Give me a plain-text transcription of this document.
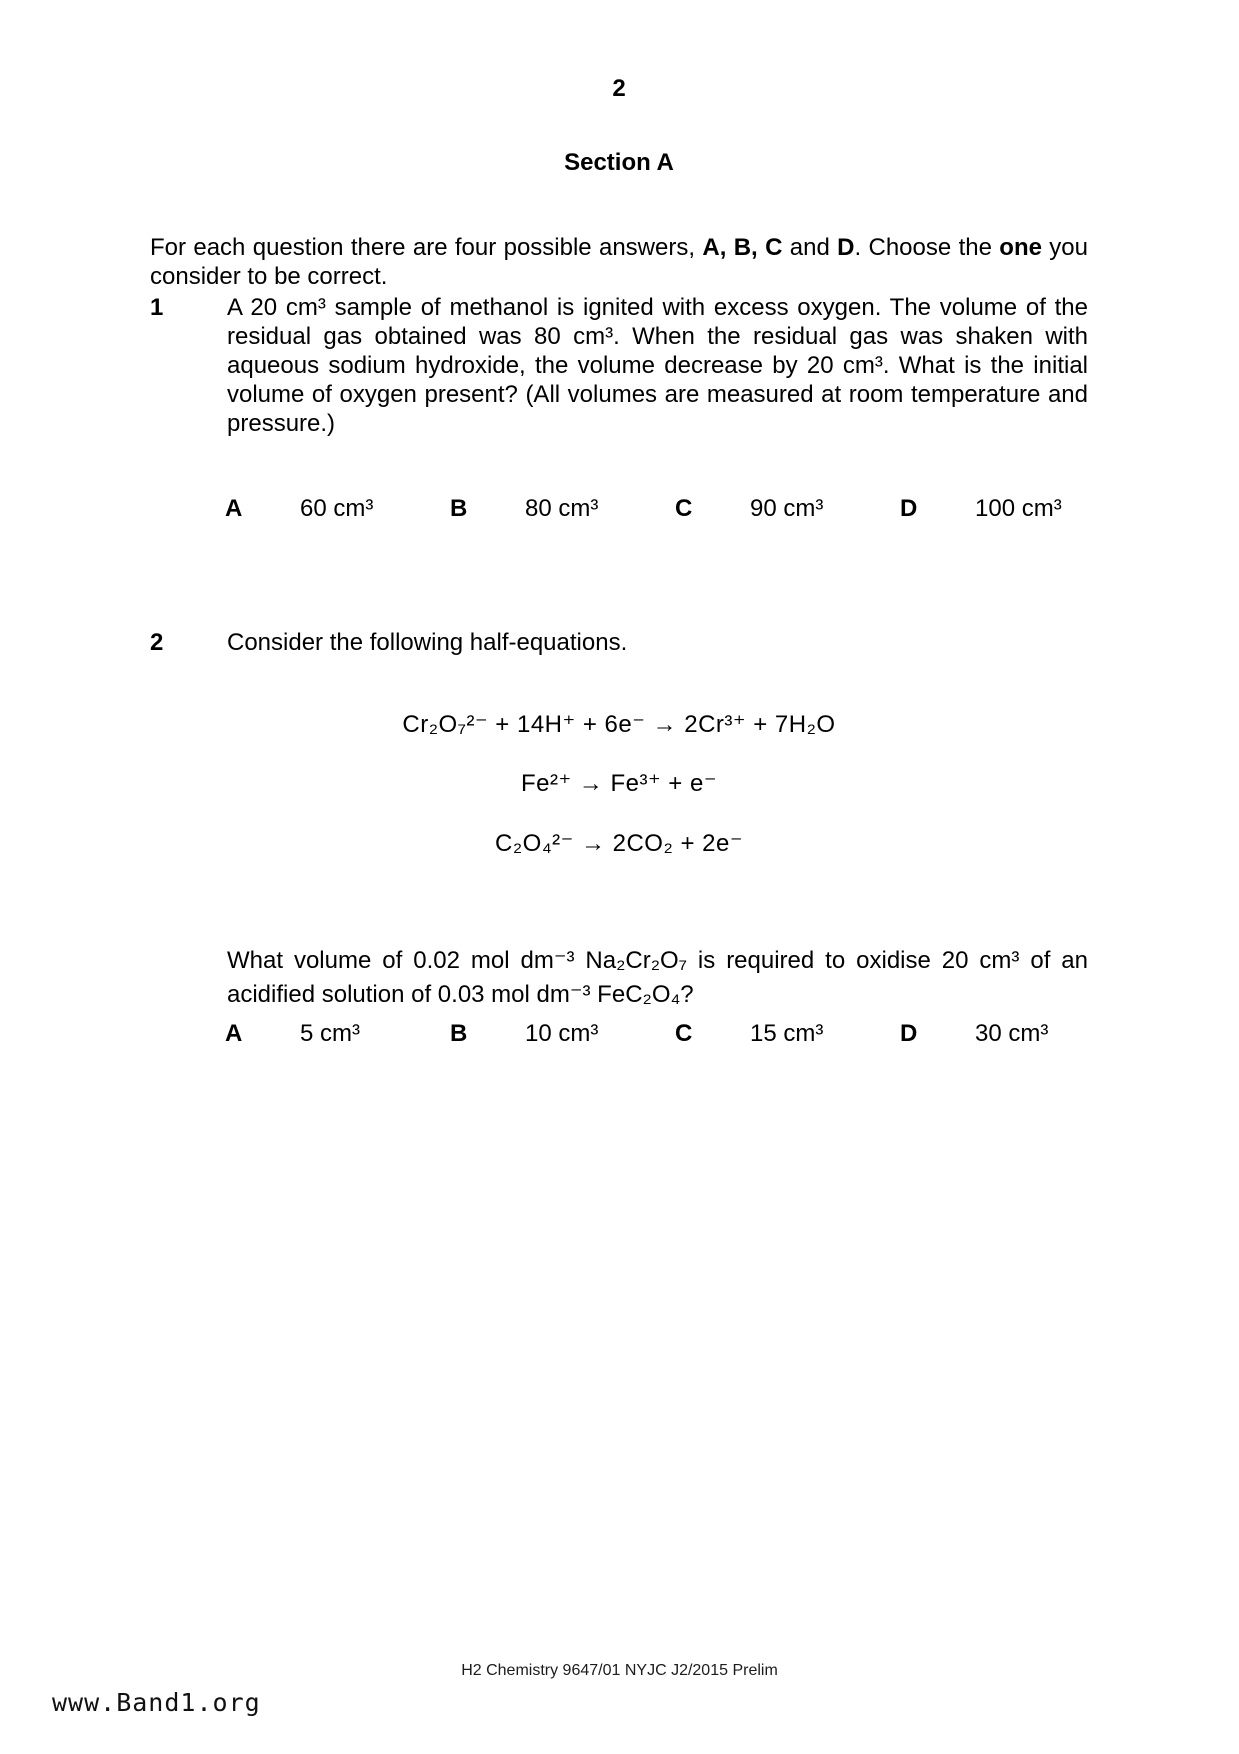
2
Section A

For each question there are four possible answers, A, B, C and D. Choose the one you consider to be correct.

1	A 20 cm³ sample of methanol is ignited with excess oxygen. The volume of the residual gas obtained was 80 cm³. When the residual gas was shaken with aqueous sodium hydroxide, the volume decrease by 20 cm³. What is the initial volume of oxygen present? (All volumes are measured at room temperature and pressure.)
A	60 cm³	B	80 cm³	C	90 cm³	D	100 cm³
2	Consider the following half-equations.
Cr₂O₇²⁻ + 14H⁺ + 6e⁻ → 2Cr³⁺ + 7H₂O
Fe²⁺ → Fe³⁺ + e⁻
C₂O₄²⁻ → 2CO₂ + 2e⁻

What volume of 0.02 mol dm⁻³ Na₂Cr₂O₇ is required to oxidise 20 cm³ of an acidified solution of 0.03 mol dm⁻³ FeC₂O₄?

A	5 cm³	B	10 cm³	C	15 cm³	D	30 cm³
H2 Chemistry 9647/01 NYJC J2/2015 Prelim
www.Band1.org
